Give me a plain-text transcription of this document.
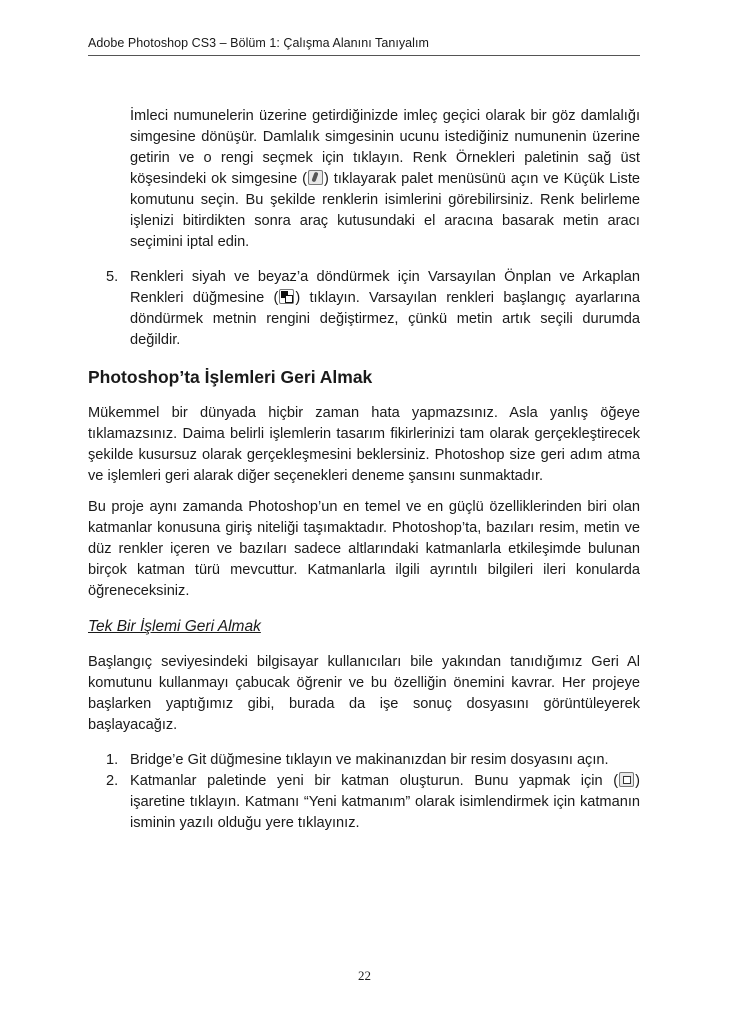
Adobe Photoshop CS3 – Bölüm 1: Çalışma Alanını Tanıyalım

İmleci numunelerin üzerine getirdiğinizde imleç geçici olarak bir göz damlalığı simgesine dönüşür. Damlalık simgesinin ucunu istediğiniz numunenin üzerine getirin ve o rengi seçmek için tıklayın. Renk Örnekleri paletinin sağ üst köşesindeki ok simgesine ( ) tıklayarak palet menüsünü açın ve Küçük Liste komutunu seçin. Bu şekilde renklerin isimlerini görebilirsiniz. Renk belirleme işlenizi bitirdikten sonra araç kutusundaki el aracına basarak metin aracı seçimini iptal edin.

5. Renkleri siyah ve beyaz’a döndürmek için Varsayılan Önplan ve Arkaplan Renkleri düğmesine ( ) tıklayın. Varsayılan renkleri başlangıç ayarlarına döndürmek metnin rengini değiştirmez, çünkü metin artık seçili durumda değildir.
Photoshop’ta İşlemleri Geri Almak

Mükemmel bir dünyada hiçbir zaman hata yapmazsınız. Asla yanlış öğeye tıklamazsınız. Daima belirli işlemlerin tasarım fikirlerinizi tam olarak gerçekleştirecek şekilde kusursuz olarak gerçekleşmesini beklersiniz. Photoshop size geri adım atma ve işlemleri geri alarak diğer seçenekleri deneme şansını sunmaktadır.

Bu proje aynı zamanda Photoshop’un en temel ve en güçlü özelliklerinden biri olan katmanlar konusuna giriş niteliği taşımaktadır. Photoshop’ta, bazıları resim, metin ve düz renkler içeren ve bazıları sadece altlarındaki katmanlarla etkileşimde bulunan birçok katman türü mevcuttur. Katmanlarla ilgili ayrıntılı bilgileri ileri konularda öğreneceksiniz.

Tek Bir İşlemi Geri Almak

Başlangıç seviyesindeki bilgisayar kullanıcıları bile yakından tanıdığımız Geri Al komutunu kullanmayı çabucak öğrenir ve bu özelliğin önemini kavrar. Her projeye başlarken yaptığımız gibi, burada da işe sonuç dosyasını görüntüleyerek başlayacağız.

1. Bridge’e Git düğmesine tıklayın ve makinanızdan bir resim dosyasını açın.
2. Katmanlar paletinde yeni bir katman oluşturun. Bunu yapmak için ( ) işaretine tıklayın. Katmanı “Yeni katmanım” olarak isimlendirmek için katmanın isminin yazılı olduğu yere tıklayınız.
22
